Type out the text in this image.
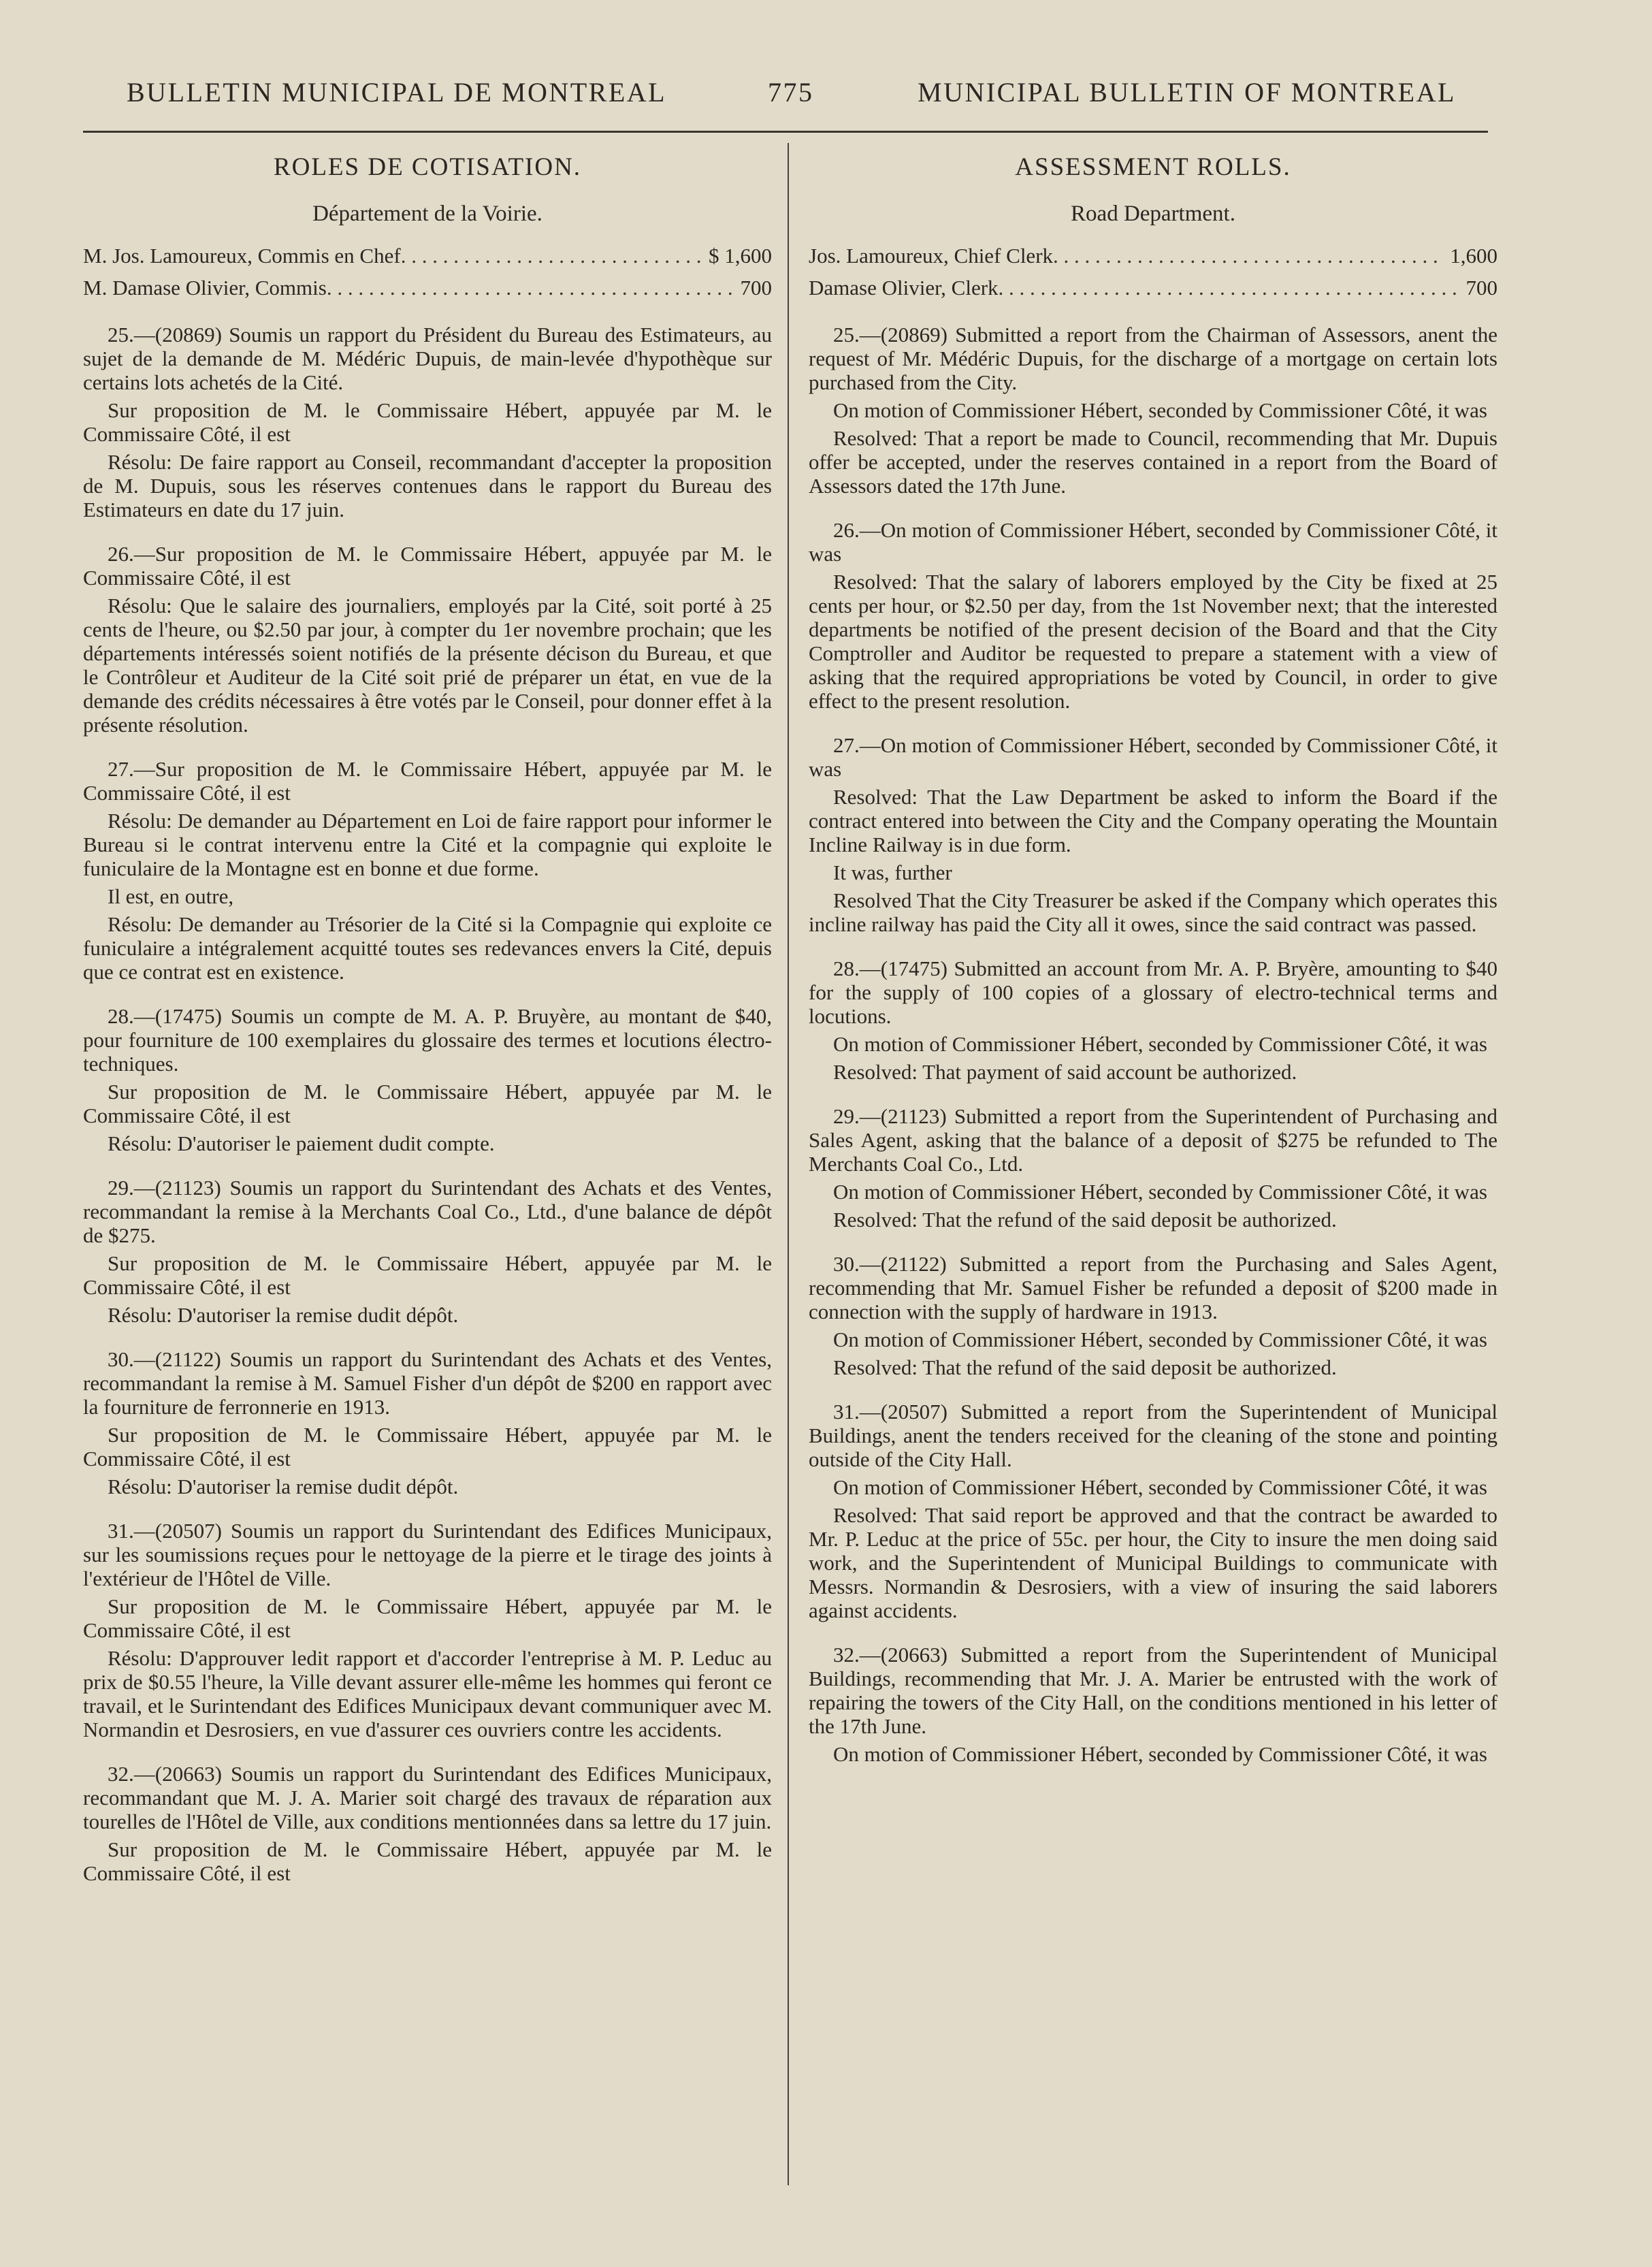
BULLETIN MUNICIPAL DE MONTREAL	775	MUNICIPAL BULLETIN OF MONTREAL
ROLES DE COTISATION.
Département de la Voirie.
M. Jos. Lamoureux, Commis en Chef . . .	$ 1,600
M. Damase Olivier, Commis . . .	700

25.—(20869) Soumis un rapport du Président du Bureau des Estimateurs, au sujet de la demande de M. Médéric Dupuis, de main-levée d'hypothèque sur certains lots achetés de la Cité.

Sur proposition de M. le Commissaire Hébert, appuyée par M. le Commissaire Côté, il est

Résolu: De faire rapport au Conseil, recommandant d'accepter la proposition de M. Dupuis, sous les réserves contenues dans le rapport du Bureau des Estimateurs en date du 17 juin.

26.—Sur proposition de M. le Commissaire Hébert, appuyée par M. le Commissaire Côté, il est

Résolu: Que le salaire des journaliers, employés par la Cité, soit porté à 25 cents de l'heure, ou $2.50 par jour, à compter du 1er novembre prochain; que les départements intéressés soient notifiés de la présente décison du Bureau, et que le Contrôleur et Auditeur de la Cité soit prié de préparer un état, en vue de la demande des crédits nécessaires à être votés par le Conseil, pour donner effet à la présente résolution.

27.—Sur proposition de M. le Commissaire Hébert, appuyée par M. le Commissaire Côté, il est

Résolu: De demander au Département en Loi de faire rapport pour informer le Bureau si le contrat intervenu entre la Cité et la compagnie qui exploite le funiculaire de la Montagne est en bonne et due forme.

Il est, en outre,

Résolu: De demander au Trésorier de la Cité si la Compagnie qui exploite ce funiculaire a intégralement acquitté toutes ses redevances envers la Cité, depuis que ce contrat est en existence.

28.—(17475) Soumis un compte de M. A. P. Bruyère, au montant de $40, pour fourniture de 100 exemplaires du glossaire des termes et locutions électro-techniques.

Sur proposition de M. le Commissaire Hébert, appuyée par M. le Commissaire Côté, il est

Résolu: D'autoriser le paiement dudit compte.

29.—(21123) Soumis un rapport du Surintendant des Achats et des Ventes, recommandant la remise à la Merchants Coal Co., Ltd., d'une balance de dépôt de $275.

Sur proposition de M. le Commissaire Hébert, appuyée par M. le Commissaire Côté, il est

Résolu: D'autoriser la remise dudit dépôt.

30.—(21122) Soumis un rapport du Surintendant des Achats et des Ventes, recommandant la remise à M. Samuel Fisher d'un dépôt de $200 en rapport avec la fourniture de ferronnerie en 1913.

Sur proposition de M. le Commissaire Hébert, appuyée par M. le Commissaire Côté, il est

Résolu: D'autoriser la remise dudit dépôt.

31.—(20507) Soumis un rapport du Surintendant des Edifices Municipaux, sur les soumissions reçues pour le nettoyage de la pierre et le tirage des joints à l'extérieur de l'Hôtel de Ville.

Sur proposition de M. le Commissaire Hébert, appuyée par M. le Commissaire Côté, il est

Résolu: D'approuver ledit rapport et d'accorder l'entreprise à M. P. Leduc au prix de $0.55 l'heure, la Ville devant assurer elle-même les hommes qui feront ce travail, et le Surintendant des Edifices Municipaux devant communiquer avec M. Normandin et Desrosiers, en vue d'assurer ces ouvriers contre les accidents.

32.—(20663) Soumis un rapport du Surintendant des Edifices Municipaux, recommandant que M. J. A. Marier soit chargé des travaux de réparation aux tourelles de l'Hôtel de Ville, aux conditions mentionnées dans sa lettre du 17 juin.

Sur proposition de M. le Commissaire Hébert, appuyée par M. le Commissaire Côté, il est

ASSESSMENT ROLLS.
Road Department.
Jos. Lamoureux, Chief Clerk . . .	1,600
Damase Olivier, Clerk . . .	700

25.—(20869) Submitted a report from the Chairman of Assessors, anent the request of Mr. Médéric Dupuis, for the discharge of a mortgage on certain lots purchased from the City.

On motion of Commissioner Hébert, seconded by Commissioner Côté, it was

Resolved: That a report be made to Council, recommending that Mr. Dupuis offer be accepted, under the reserves contained in a report from the Board of Assessors dated the 17th June.

26.—On motion of Commissioner Hébert, seconded by Commissioner Côté, it was

Resolved: That the salary of laborers employed by the City be fixed at 25 cents per hour, or $2.50 per day, from the 1st November next; that the interested departments be notified of the present decision of the Board and that the City Comptroller and Auditor be requested to prepare a statement with a view of asking that the required appropriations be voted by Council, in order to give effect to the present resolution.

27.—On motion of Commissioner Hébert, seconded by Commissioner Côté, it was

Resolved: That the Law Department be asked to inform the Board if the contract entered into between the City and the Company operating the Mountain Incline Railway is in due form.

It was, further

Resolved That the City Treasurer be asked if the Company which operates this incline railway has paid the City all it owes, since the said contract was passed.

28.—(17475) Submitted an account from Mr. A. P. Bryère, amounting to $40 for the supply of 100 copies of a glossary of electro-technical terms and locutions.

On motion of Commissioner Hébert, seconded by Commissioner Côté, it was

Resolved: That payment of said account be authorized.

29.—(21123) Submitted a report from the Superintendent of Purchasing and Sales Agent, asking that the balance of a deposit of $275 be refunded to The Merchants Coal Co., Ltd.

On motion of Commissioner Hébert, seconded by Commissioner Côté, it was

Resolved: That the refund of the said deposit be authorized.

30.—(21122) Submitted a report from the Purchasing and Sales Agent, recommending that Mr. Samuel Fisher be refunded a deposit of $200 made in connection with the supply of hardware in 1913.

On motion of Commissioner Hébert, seconded by Commissioner Côté, it was

Resolved: That the refund of the said deposit be authorized.

31.—(20507) Submitted a report from the Superintendent of Municipal Buildings, anent the tenders received for the cleaning of the stone and pointing outside of the City Hall.

On motion of Commissioner Hébert, seconded by Commissioner Côté, it was

Resolved: That said report be approved and that the contract be awarded to Mr. P. Leduc at the price of 55c. per hour, the City to insure the men doing said work, and the Superintendent of Municipal Buildings to communicate with Messrs. Normandin & Desrosiers, with a view of insuring the said laborers against accidents.

32.—(20663) Submitted a report from the Superintendent of Municipal Buildings, recommending that Mr. J. A. Marier be entrusted with the work of repairing the towers of the City Hall, on the conditions mentioned in his letter of the 17th June.

On motion of Commissioner Hébert, seconded by Commissioner Côté, it was
